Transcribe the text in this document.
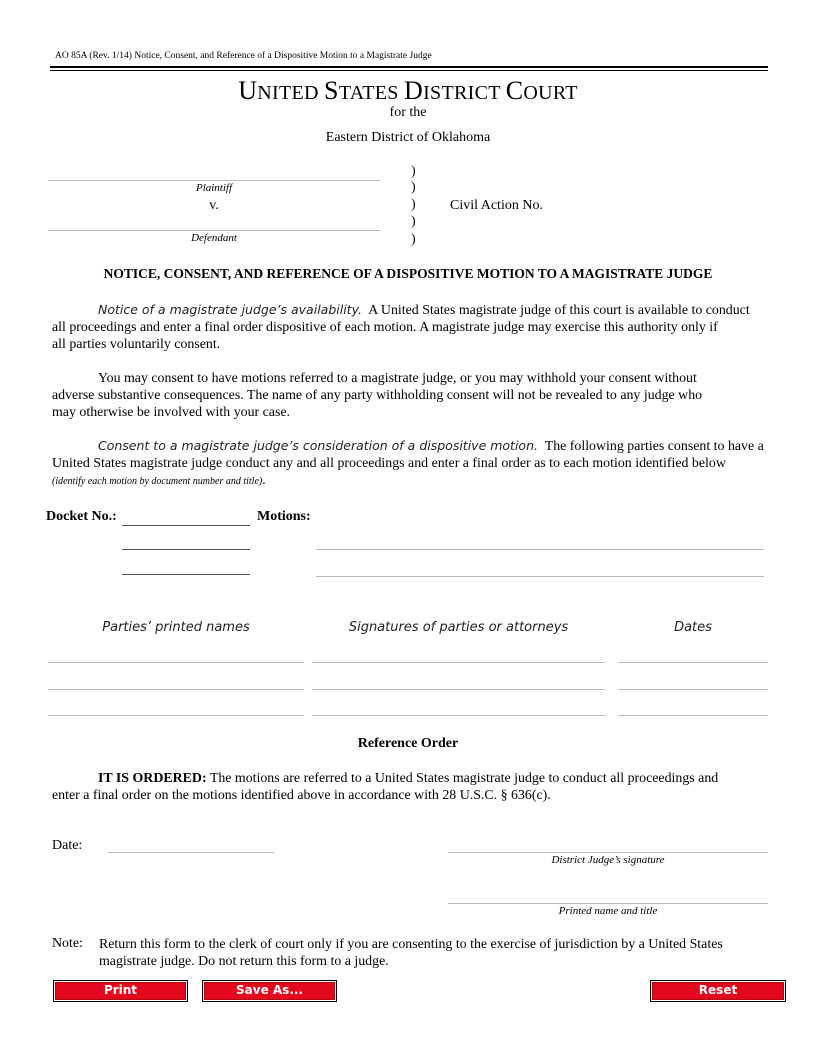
AO 85A (Rev. 1/14) Notice, Consent, and Reference of a Dispositive Motion to a Magistrate Judge
UNITED STATES DISTRICT COURT
for the
Eastern District of Oklahoma
Plaintiff
v.
Defendant
)
)
)
)
)
Civil Action No.
NOTICE, CONSENT, AND REFERENCE OF A DISPOSITIVE MOTION TO A MAGISTRATE JUDGE
Notice of a magistrate judge’s availability. A United States magistrate judge of this court is available to conduct
all proceedings and enter a final order dispositive of each motion. A magistrate judge may exercise this authority only if
all parties voluntarily consent.
You may consent to have motions referred to a magistrate judge, or you may withhold your consent without
adverse substantive consequences. The name of any party withholding consent will not be revealed to any judge who
may otherwise be involved with your case.
Consent to a magistrate judge’s consideration of a dispositive motion. The following parties consent to have a
United States magistrate judge conduct any and all proceedings and enter a final order as to each motion identified below
(identify each motion by document number and title).
Docket No.:	Motions:
Parties’ printed names	Signatures of parties or attorneys	Dates
Reference Order
IT IS ORDERED: The motions are referred to a United States magistrate judge to conduct all proceedings and
enter a final order on the motions identified above in accordance with 28 U.S.C. § 636(c).
Date:
District Judge’s signature
Printed name and title
Note: Return this form to the clerk of court only if you are consenting to the exercise of jurisdiction by a United States
magistrate judge. Do not return this form to a judge.
Print	Save As...	Reset
